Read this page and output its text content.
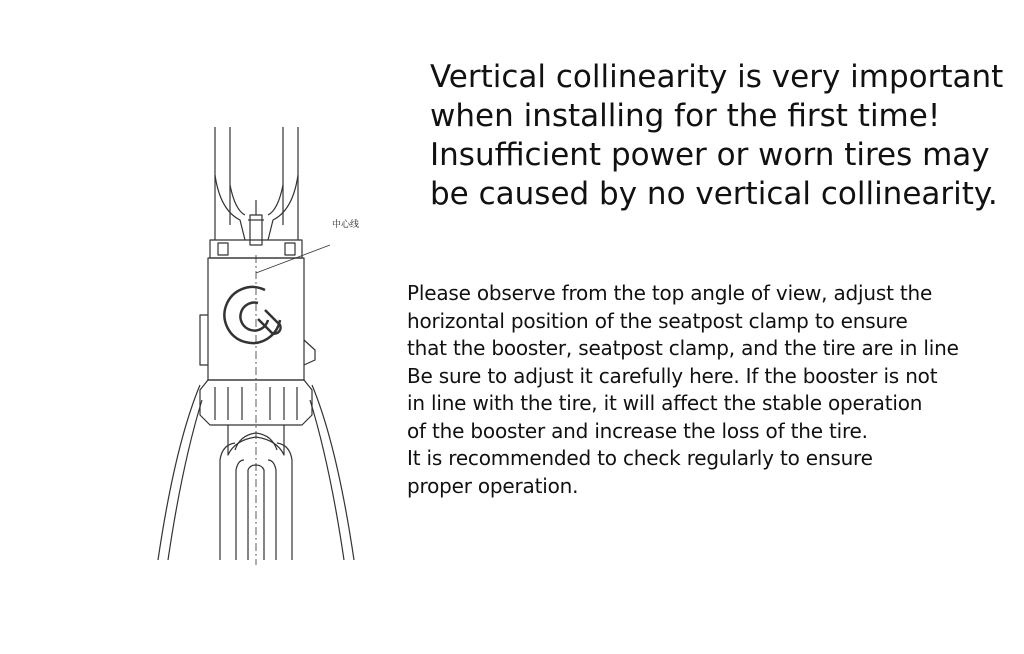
中心线
Vertical collinearity is very important
when installing for the first time!
Insufficient power or worn tires may
be caused by no vertical collinearity.
Please observe from the top angle of view, adjust the
horizontal position of the seatpost clamp to ensure
that the booster, seatpost clamp, and the tire are in line
Be sure to adjust it carefully here. If the booster is not
in line with the tire, it will affect the stable operation
of the booster and increase the loss of the tire.
It is recommended to check regularly to ensure
proper operation.
